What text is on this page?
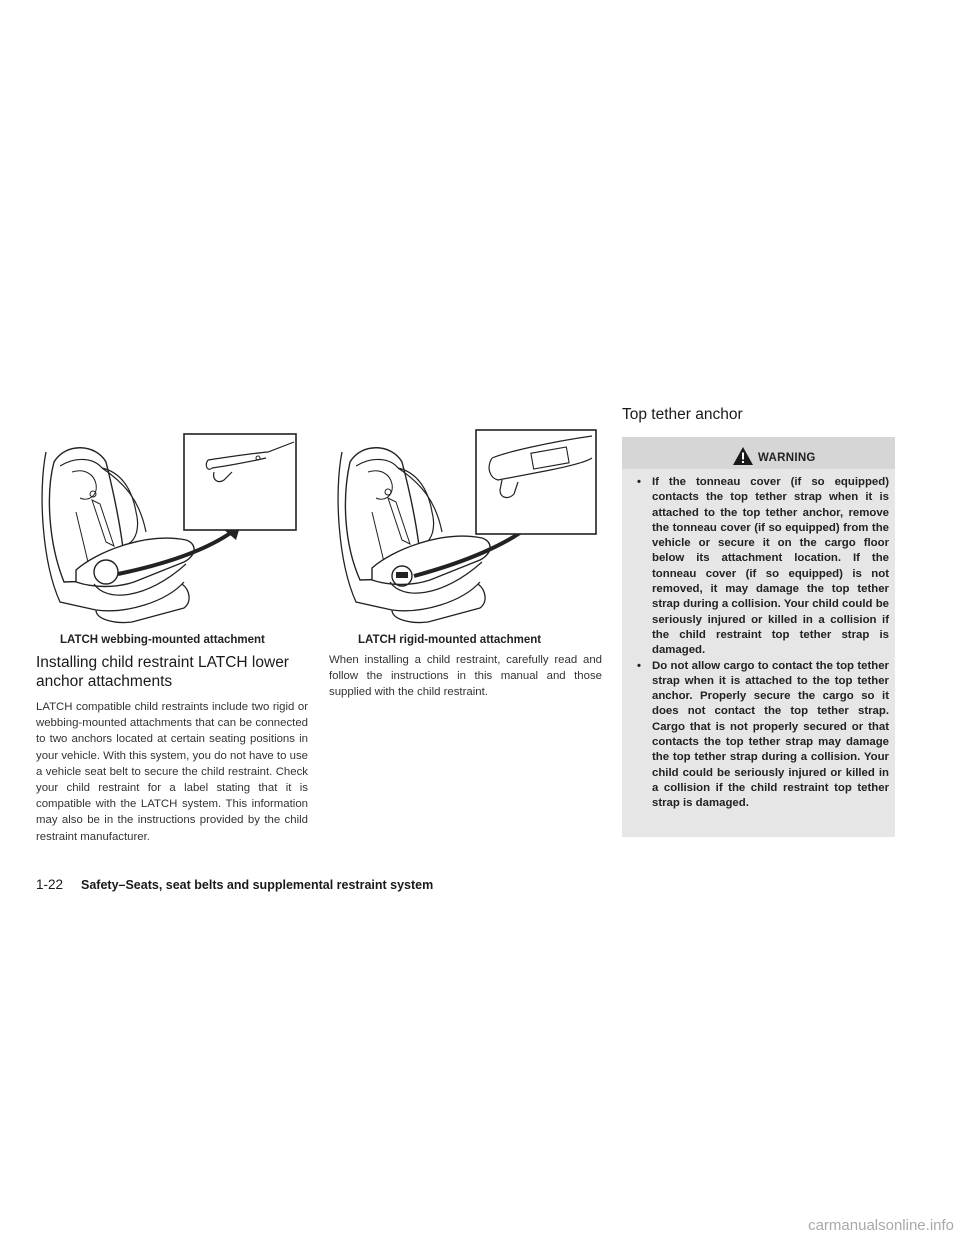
LATCH webbing-mounted attachment	LATCH rigid-mounted attachment
Installing child restraint LATCH lower anchor attachments
LATCH compatible child restraints include two rigid or webbing-mounted attachments that can be connected to two anchors located at certain seating positions in your vehicle. With this system, you do not have to use a vehicle seat belt to secure the child restraint. Check your child restraint for a label stating that it is compatible with the LATCH system. This information may also be in the instructions provided by the child restraint manufacturer.
When installing a child restraint, carefully read and follow the instructions in this manual and those supplied with the child restraint.
Top tether anchor
WARNING
• If the tonneau cover (if so equipped) contacts the top tether strap when it is attached to the top tether anchor, remove the tonneau cover (if so equipped) from the vehicle or secure it on the cargo floor below its attachment location. If the tonneau cover (if so equipped) is not removed, it may damage the top tether strap during a collision. Your child could be seriously injured or killed in a collision if the child restraint top tether strap is damaged.
• Do not allow cargo to contact the top tether strap when it is attached to the top tether anchor. Properly secure the cargo so it does not contact the top tether strap. Cargo that is not properly secured or that contacts the top tether strap may damage the top tether strap during a collision. Your child could be seriously injured or killed in a collision if the child restraint top tether strap is damaged.
1-22 Safety–Seats, seat belts and supplemental restraint system
carmanualsonline.info
